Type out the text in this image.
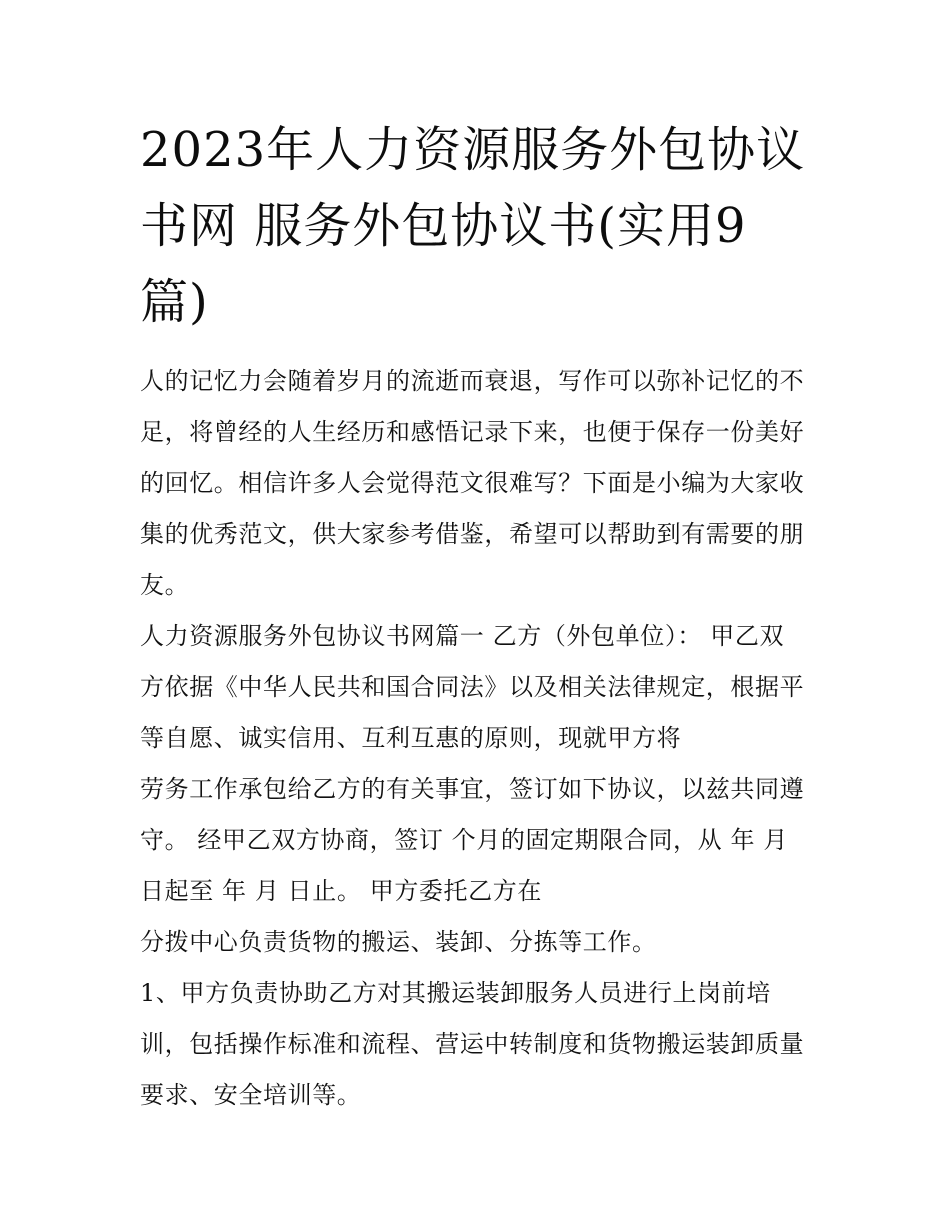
2023年人力资源服务外包协议
书网 服务外包协议书(实用9
篇)
人的记忆力会随着岁月的流逝而衰退，写作可以弥补记忆的不
足，将曾经的人生经历和感悟记录下来，也便于保存一份美好
的回忆。相信许多人会觉得范文很难写？下面是小编为大家收
集的优秀范文，供大家参考借鉴，希望可以帮助到有需要的朋
友。
人力资源服务外包协议书网篇一 乙方（外包单位）： 甲乙双
方依据《中华人民共和国合同法》以及相关法律规定，根据平
等自愿、诚实信用、互利互惠的原则，现就甲方将
劳务工作承包给乙方的有关事宜，签订如下协议，以兹共同遵
守。 经甲乙双方协商，签订 个月的固定期限合同，从 年 月
日起至 年 月 日止。 甲方委托乙方在
分拨中心负责货物的搬运、装卸、分拣等工作。
1、甲方负责协助乙方对其搬运装卸服务人员进行上岗前培
训，包括操作标准和流程、营运中转制度和货物搬运装卸质量
要求、安全培训等。
